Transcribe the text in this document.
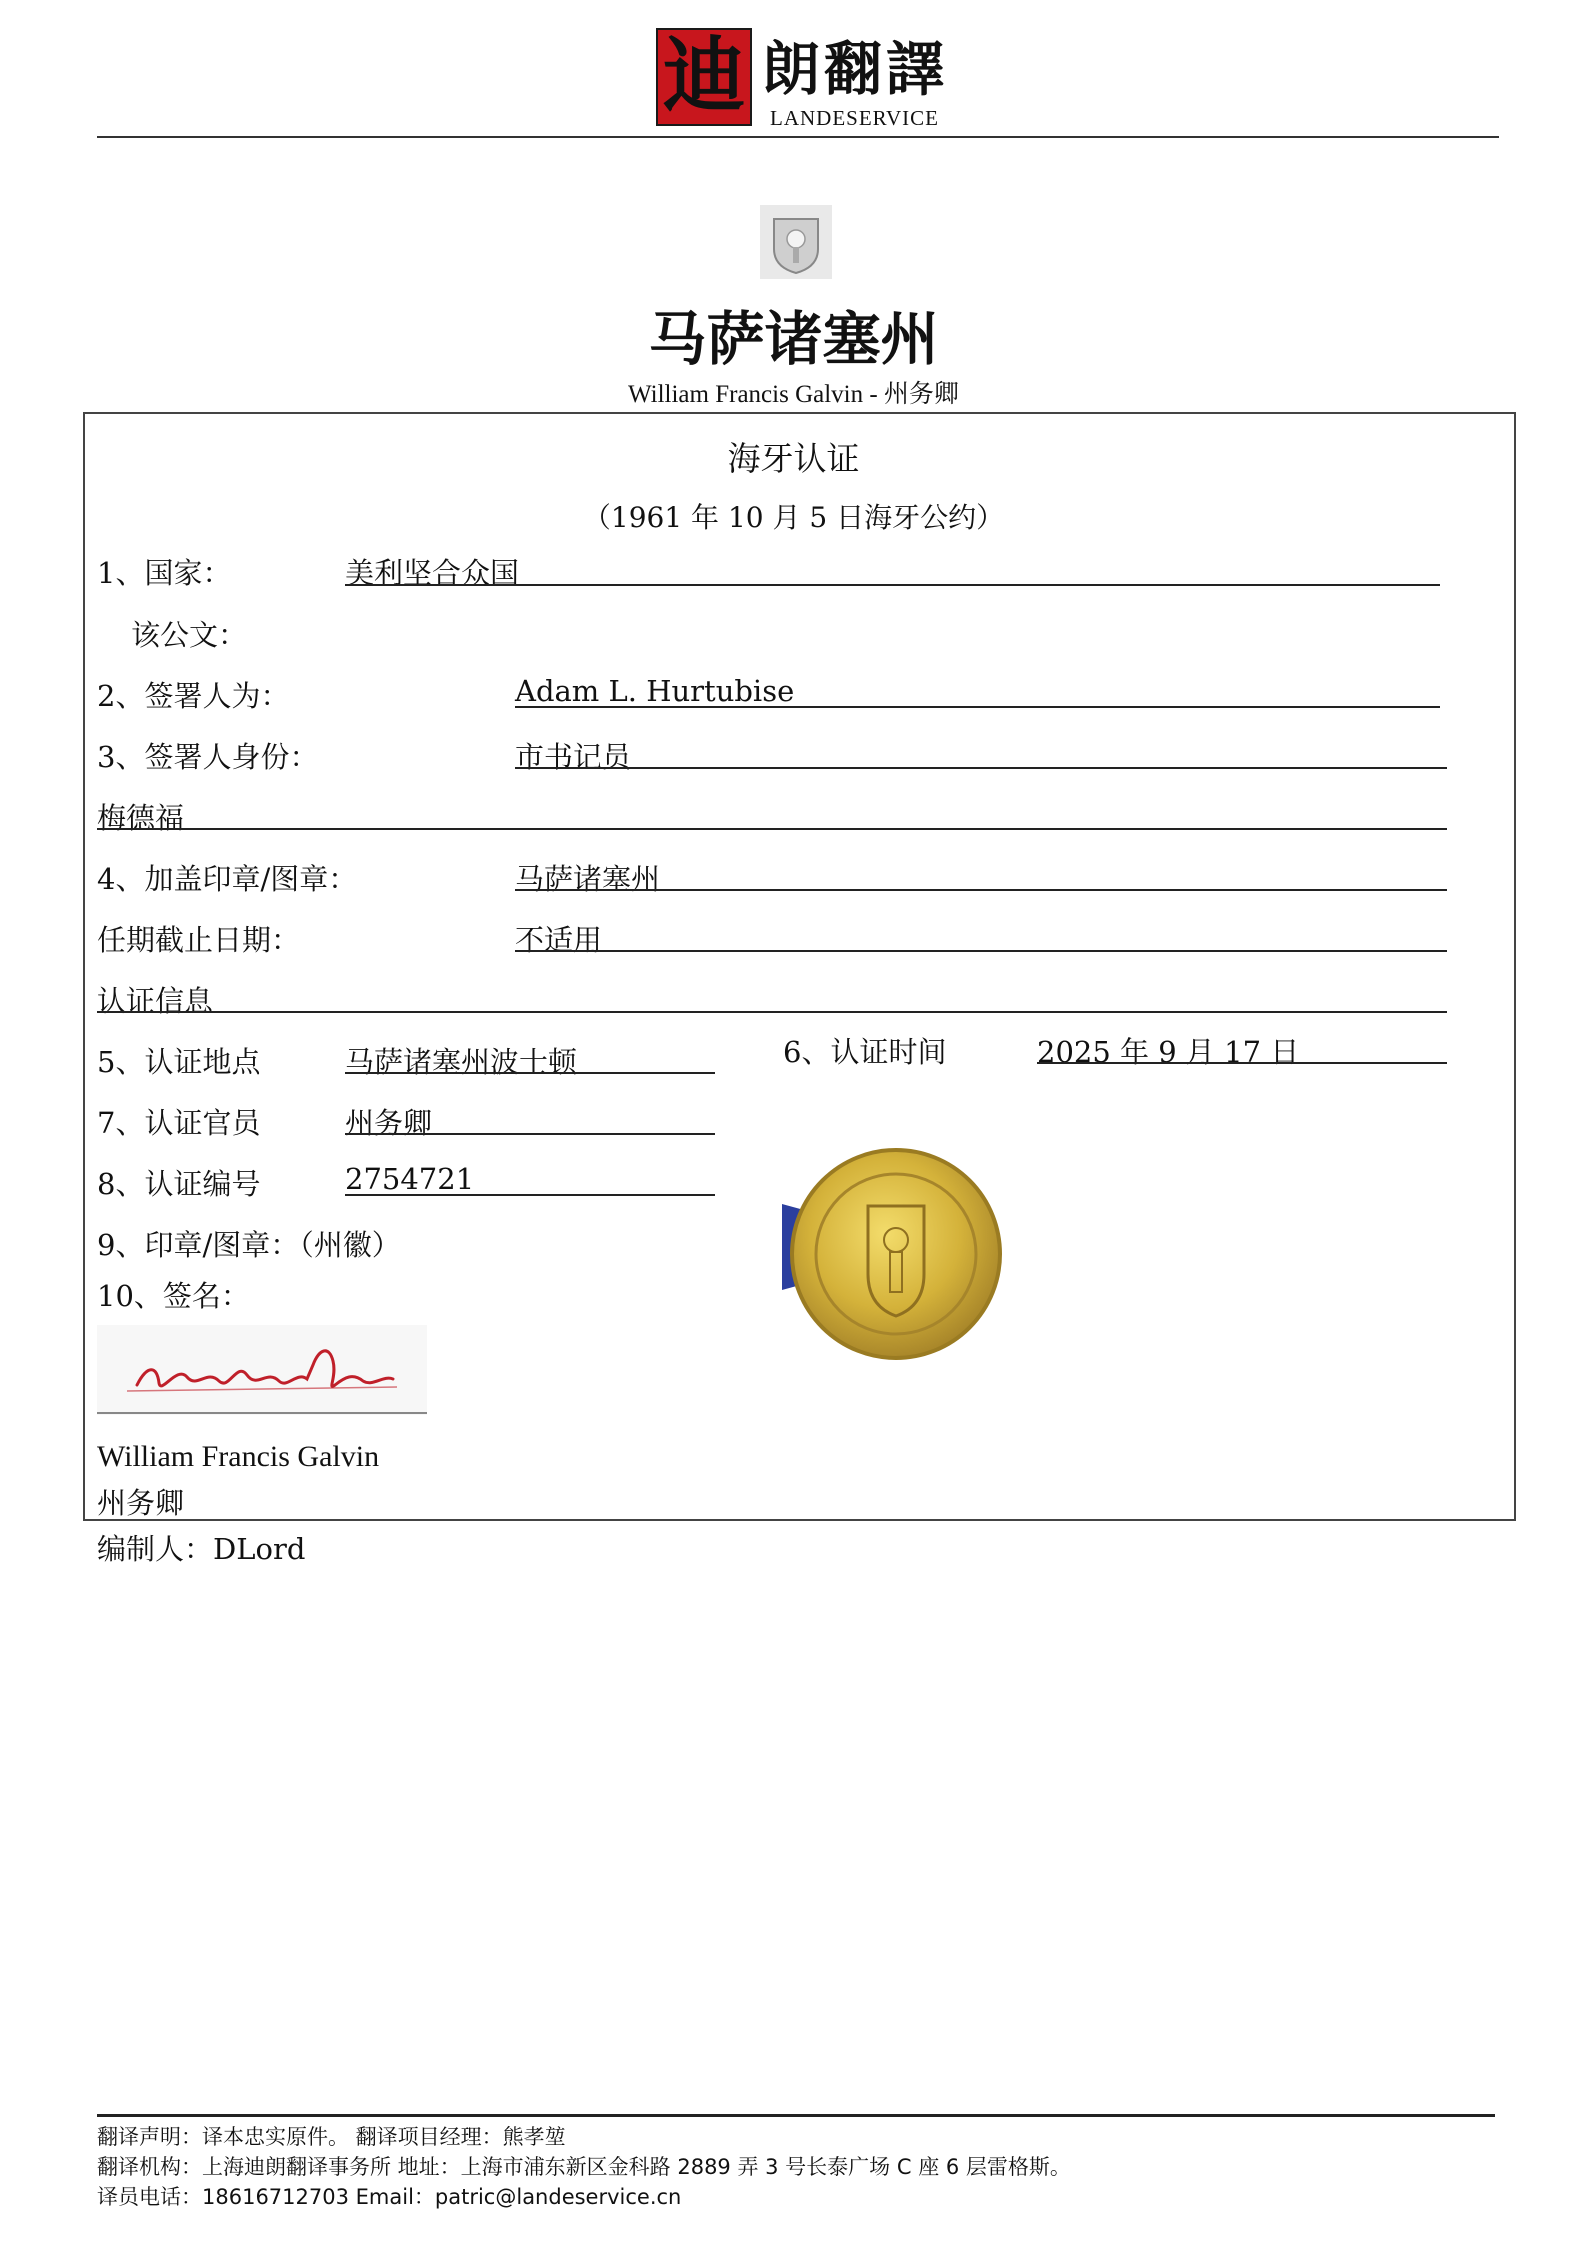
迪 朗翻譯
LANDESERVICE
马萨诸塞州
William Francis Galvin - 州务卿
海牙认证
（1961 年 10 月 5 日海牙公约）
1、国家：	美利坚合众国
该公文：
2、签署人为：	Adam L. Hurtubise
3、签署人身份：	市书记员
梅德福
4、加盖印章/图章：	马萨诸塞州
任期截止日期：	不适用
认证信息
5、认证地点	马萨诸塞州波士顿	6、认证时间	2025 年 9 月 17 日
7、认证官员	州务卿
8、认证编号	2754721
9、印章/图章：（州徽）
10、签名：
William Francis Galvin
州务卿
编制人：DLord
翻译声明：译本忠实原件。 翻译项目经理：熊孝堃
翻译机构：上海迪朗翻译事务所 地址：上海市浦东新区金科路 2889 弄 3 号长泰广场 C 座 6 层雷格斯。
译员电话：18616712703 Email：patric@landeservice.cn
